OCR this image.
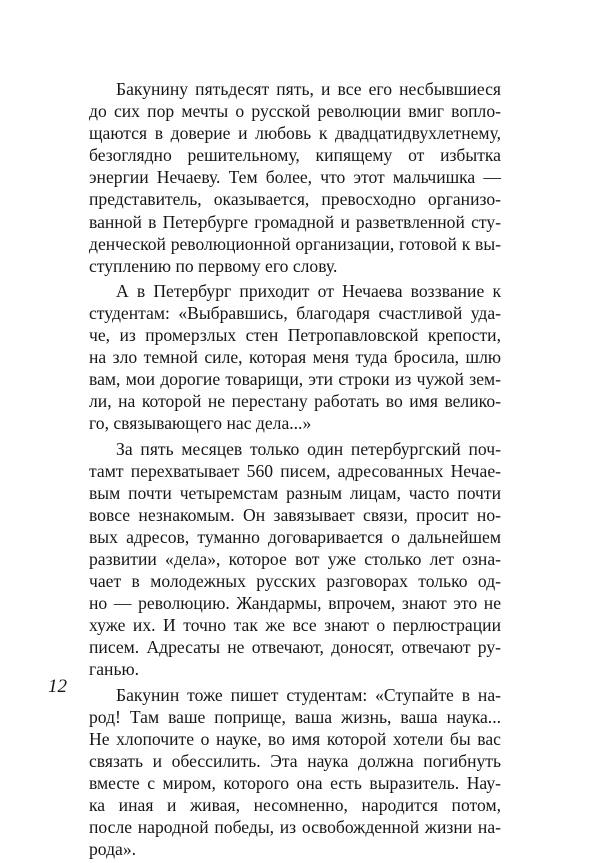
Бакунину пятьдесят пять, и все его несбывшиеся
до сих пор мечты о русской революции вмиг вопло-
щаются в доверие и любовь к двадцатидвухлетнему,
безоглядно решительному, кипящему от избытка
энергии Нечаеву. Тем более, что этот мальчишка —
представитель, оказывается, превосходно организо-
ванной в Петербурге громадной и разветвленной сту-
денческой революционной организации, готовой к вы-
ступлению по первому его слову.
А в Петербург приходит от Нечаева воззвание к
студентам: «Выбравшись, благодаря счастливой уда-
че, из промерзлых стен Петропавловской крепости,
на зло темной силе, которая меня туда бросила, шлю
вам, мои дорогие товарищи, эти строки из чужой зем-
ли, на которой не перестану работать во имя велико-
го, связывающего нас дела...»
За пять месяцев только один петербургский поч-
тамт перехватывает 560 писем, адресованных Нечае-
вым почти четыремстам разным лицам, часто почти
вовсе незнакомым. Он завязывает связи, просит но-
вых адресов, туманно договаривается о дальнейшем
развитии «дела», которое вот уже столько лет озна-
чает в молодежных русских разговорах только од-
но — революцию. Жандармы, впрочем, знают это не
хуже их. И точно так же все знают о перлюстрации
писем. Адресаты не отвечают, доносят, отвечают ру-
ганью.
Бакунин тоже пишет студентам: «Ступайте в на-
род! Там ваше поприще, ваша жизнь, ваша наука...
Не хлопочите о науке, во имя которой хотели бы вас
связать и обессилить. Эта наука должна погибнуть
вместе с миром, которого она есть выразитель. Нау-
ка иная и живая, несомненно, народится потом,
после народной победы, из освобожденной жизни на-
рода».
12
